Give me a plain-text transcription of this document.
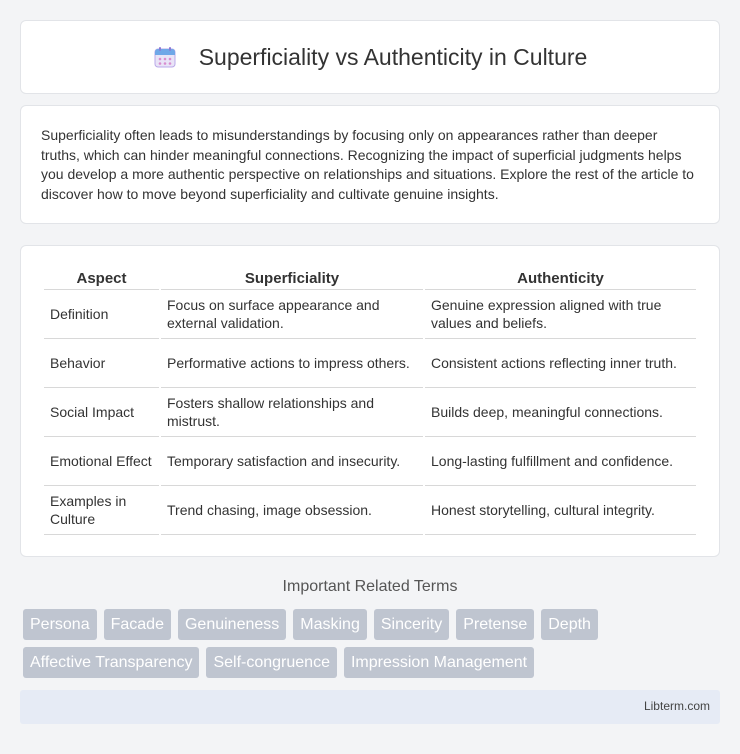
Superficiality vs Authenticity in Culture

Superficiality often leads to misunderstandings by focusing only on appearances rather than deeper truths, which can hinder meaningful connections. Recognizing the impact of superficial judgments helps you develop a more authentic perspective on relationships and situations. Explore the rest of the article to discover how to move beyond superficiality and cultivate genuine insights.

Aspect	Superficiality	Authenticity
Definition	Focus on surface appearance and external validation.	Genuine expression aligned with true values and beliefs.
Behavior	Performative actions to impress others.	Consistent actions reflecting inner truth.
Social Impact	Fosters shallow relationships and mistrust.	Builds deep, meaningful connections.
Emotional Effect	Temporary satisfaction and insecurity.	Long-lasting fulfillment and confidence.
Examples in Culture	Trend chasing, image obsession.	Honest storytelling, cultural integrity.
Important Related Terms
Persona	Facade	Genuineness	Masking	Sincerity	Pretense	Depth
Affective Transparency	Self-congruence	Impression Management
Libterm.com
